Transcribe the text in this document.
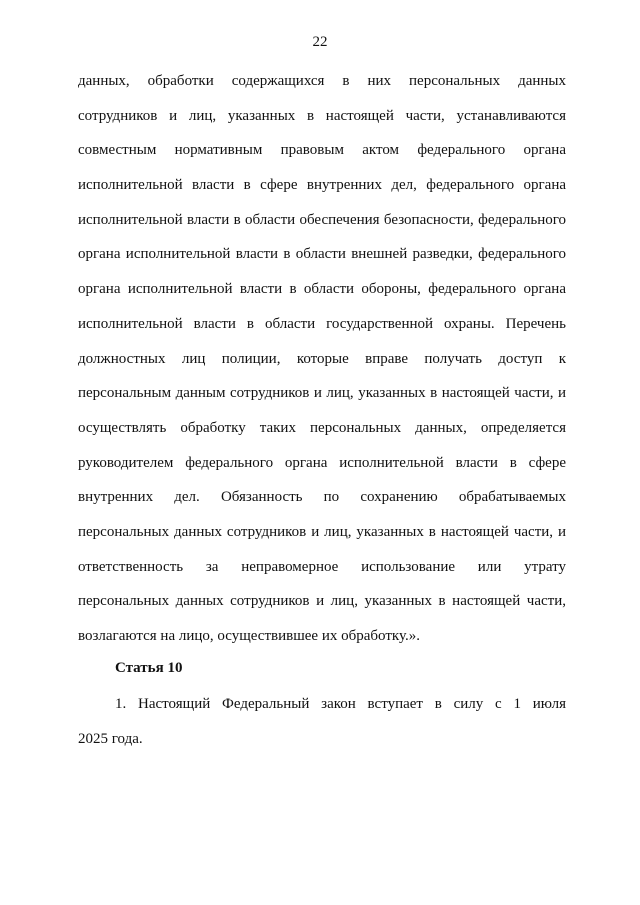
22
данных, обработки содержащихся в них персональных данных
сотрудников и лиц, указанных в настоящей части, устанавливаются
совместным нормативным правовым актом федерального органа
исполнительной власти в сфере внутренних дел, федерального органа
исполнительной власти в области обеспечения безопасности, федерального
органа исполнительной власти в области внешней разведки, федерального
органа исполнительной власти в области обороны, федерального органа
исполнительной власти в области государственной охраны. Перечень
должностных лиц полиции, которые вправе получать доступ к
персональным данным сотрудников и лиц, указанных в настоящей части, и
осуществлять обработку таких персональных данных, определяется
руководителем федерального органа исполнительной власти в сфере
внутренних дел. Обязанность по сохранению обрабатываемых
персональных данных сотрудников и лиц, указанных в настоящей части, и
ответственность за неправомерное использование или утрату
персональных данных сотрудников и лиц, указанных в настоящей части,
возлагаются на лицо, осуществившее их обработку.».
Статья 10
1. Настоящий Федеральный закон вступает в силу с 1 июля
2025 года.
